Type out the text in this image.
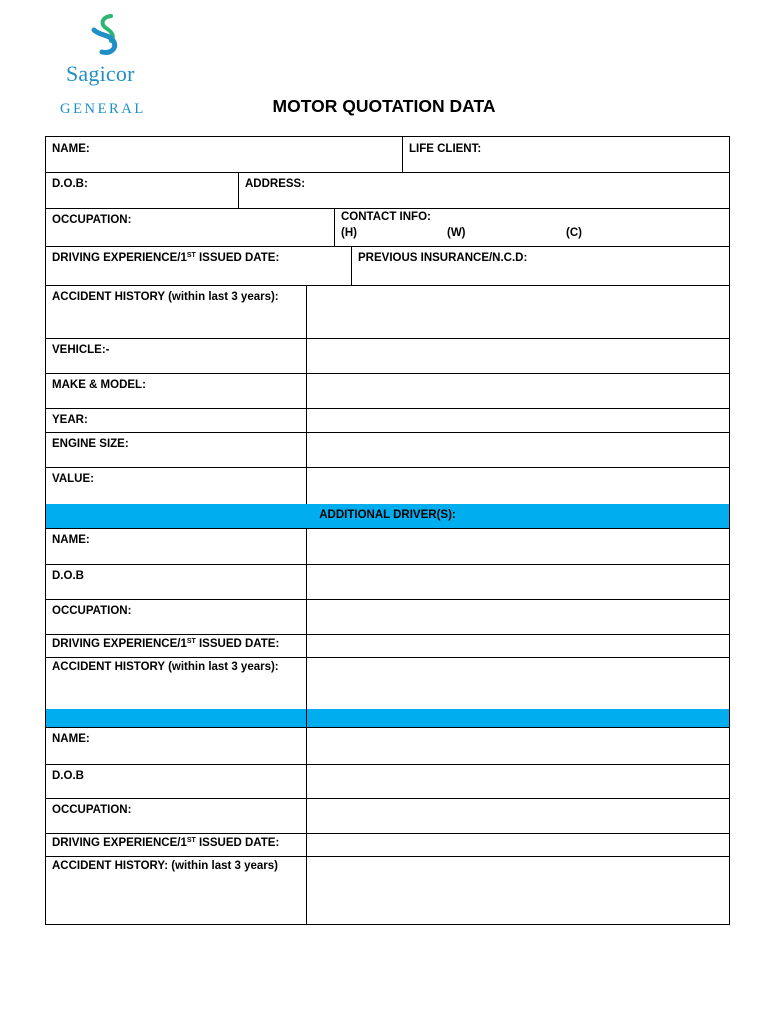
Sagicor
GENERAL	MOTOR QUOTATION DATA
NAME:	LIFE CLIENT:
D.O.B:	ADDRESS:
OCCUPATION:	CONTACT INFO:
(H)	(W)	(C)
DRIVING EXPERIENCE/1ST ISSUED DATE:	PREVIOUS INSURANCE/N.C.D:
ACCIDENT HISTORY (within last 3 years):
VEHICLE:-
MAKE & MODEL:
YEAR:
ENGINE SIZE:
VALUE:
ADDITIONAL DRIVER(S):
NAME:
D.O.B
OCCUPATION:
DRIVING EXPERIENCE/1ST ISSUED DATE:
ACCIDENT HISTORY (within last 3 years):
NAME:
D.O.B
OCCUPATION:
DRIVING EXPERIENCE/1ST ISSUED DATE:
ACCIDENT HISTORY: (within last 3 years)
